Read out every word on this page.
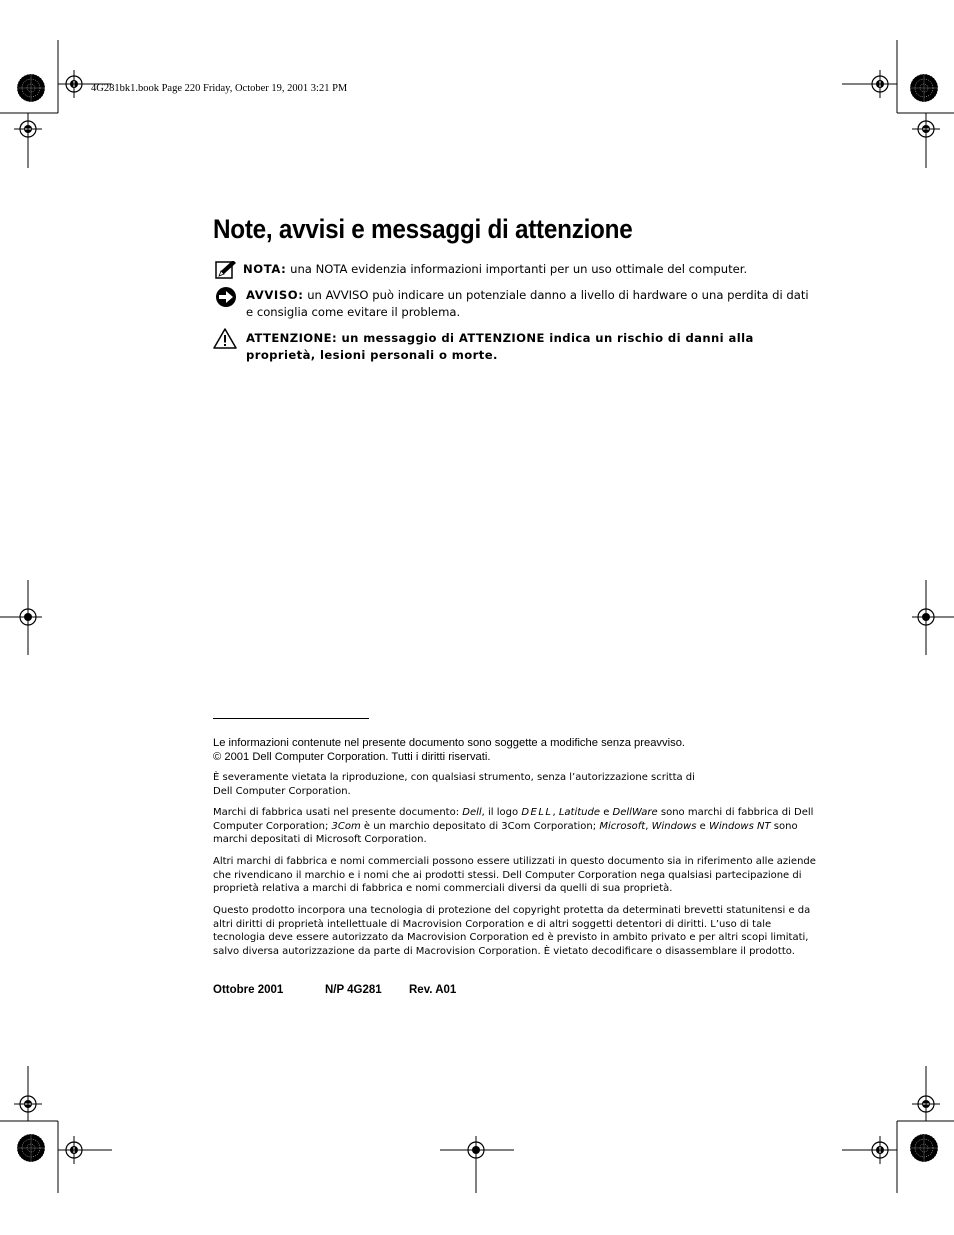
4G281bk1.book Page 220 Friday, October 19, 2001 3:21 PM
Note, avvisi e messaggi di attenzione
NOTA: una NOTA evidenzia informazioni importanti per un uso ottimale del computer.
AVVISO: un AVVISO può indicare un potenziale danno a livello di hardware o una perdita di dati e consiglia come evitare il problema.
ATTENZIONE: un messaggio di ATTENZIONE indica un rischio di danni alla proprietà, lesioni personali o morte.
Le informazioni contenute nel presente documento sono soggette a modifiche senza preavviso.
© 2001 Dell Computer Corporation. Tutti i diritti riservati.
È severamente vietata la riproduzione, con qualsiasi strumento, senza l’autorizzazione scritta di Dell Computer Corporation.
Marchi di fabbrica usati nel presente documento: Dell, il logo DELL, Latitude e DellWare sono marchi di fabbrica di Dell Computer Corporation; 3Com è un marchio depositato di 3Com Corporation; Microsoft, Windows e Windows NT sono marchi depositati di Microsoft Corporation.
Altri marchi di fabbrica e nomi commerciali possono essere utilizzati in questo documento sia in riferimento alle aziende che rivendicano il marchio e i nomi che ai prodotti stessi. Dell Computer Corporation nega qualsiasi partecipazione di proprietà relativa a marchi di fabbrica e nomi commerciali diversi da quelli di sua proprietà.
Questo prodotto incorpora una tecnologia di protezione del copyright protetta da determinati brevetti statunitensi e da altri diritti di proprietà intellettuale di Macrovision Corporation e di altri soggetti detentori di diritti. L’uso di tale tecnologia deve essere autorizzato da Macrovision Corporation ed è previsto in ambito privato e per altri scopi limitati, salvo diversa autorizzazione da parte di Macrovision Corporation. È vietato decodificare o disassemblare il prodotto.
Ottobre 2001	N/P 4G281 Rev. A01
